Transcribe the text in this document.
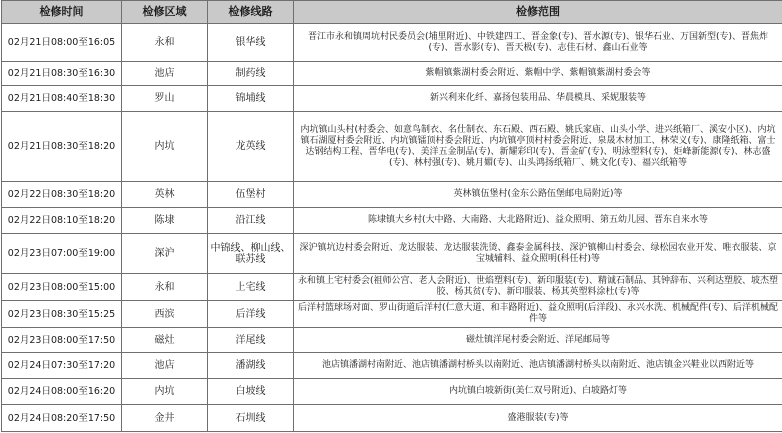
检修时间	检修区域	检修线路	检修范围
02月21日08:00至16:05	永和	银华线	晋江市永和镇周坑村民委员会(埔里附近)、中铁建四工、晋金象(专)、晋水源(专)、银华石业、万国新型(专)、晋焦炸(专)、晋水影(专)、晋天极(专)、志佳石材、鑫山石业等
02月21日08:30至16:30	池店	制药线	紫帽镇紫湖村委会附近、紫帽中学、紫帽镇紫湖村委会等
02月21日08:40至18:30	罗山	锦埔线	新兴利来化纤、嘉扬包装用品、华晨模具、采妮服装等
02月21日08:30至18:20	内坑	龙英线	内坑镇山头村(村委会、如意鸟制衣、名仕制衣、东石殿、西石殿、姚氏家庙、山头小学、进兴纸箱厂、溪安小区)、内坑镇石湖厦村委会附近、内坑镇镭顶村委会附近、内坑镇亭顶村村委会附近、泉晟木材加工、林荣义(专)、康隆纸箱、富士达钢结构工程、晋华电(专)、美洋五金制品(专)、新耀彩印(专)、晋金矿(专)、明泳塑料(专)、炬峰新能源(专)、林志盛(专)、林村强(专)、姚月媚(专)、山头鸿扬纸箱厂、姚文化(专)、福兴纸箱等
02月22日08:30至18:20	英林	伍堡村	英林镇伍堡村(金东公路伍堡邮电局附近)等
02月22日08:10至18:20	陈埭	沿江线	陈埭镇大乡村(大中路、大南路、大北路附近)、益众照明、第五幼儿园、晋东自来水等
02月23日07:00至19:00	深沪	中锦线、柳山线、联苏线	深沪镇坑边村委会附近、龙达服装、龙达服装洗烫、鑫泰金属科技、深沪镇柳山村委会、绿松园农业开发、唯衣服装、京宝城辅料、益众照明(科任村)等
02月23日08:00至15:00	永和	上宅线	永和镇上宅村委会(祖师公宫、老人会附近)、世焰塑料(专)、新印服装(专)、精诚石制品、其钟辞布、兴利达塑胶、坡杰塑胶、杨其贫(专)、新印服装、杨其英塑料涂杜(专)等
02月23日08:30至15:25	西滨	后洋线	后洋村篮球场对面、罗山街道后洋村(仁意大道、和丰路附近)、益众照明(后洋段)、永兴水洗、机械配件(专)、后洋机械配件等
02月23日08:00至17:50	磁灶	洋尾线	磁灶镇洋尾村委会附近、洋尾邮局等
02月24日07:30至17:20	池店	潘湖线	池店镇潘湖村南附近、池店镇潘湖村桥头以南附近、池店镇潘湖村桥头以南附近、池店镇金兴鞋业以西附近等
02月24日08:00至16:20	内坑	白坡线	内坑镇白坡新街(美仁双号附近)、白坡路灯等
02月24日08:20至17:50	金井	石圳线	盛港服装(专)等
